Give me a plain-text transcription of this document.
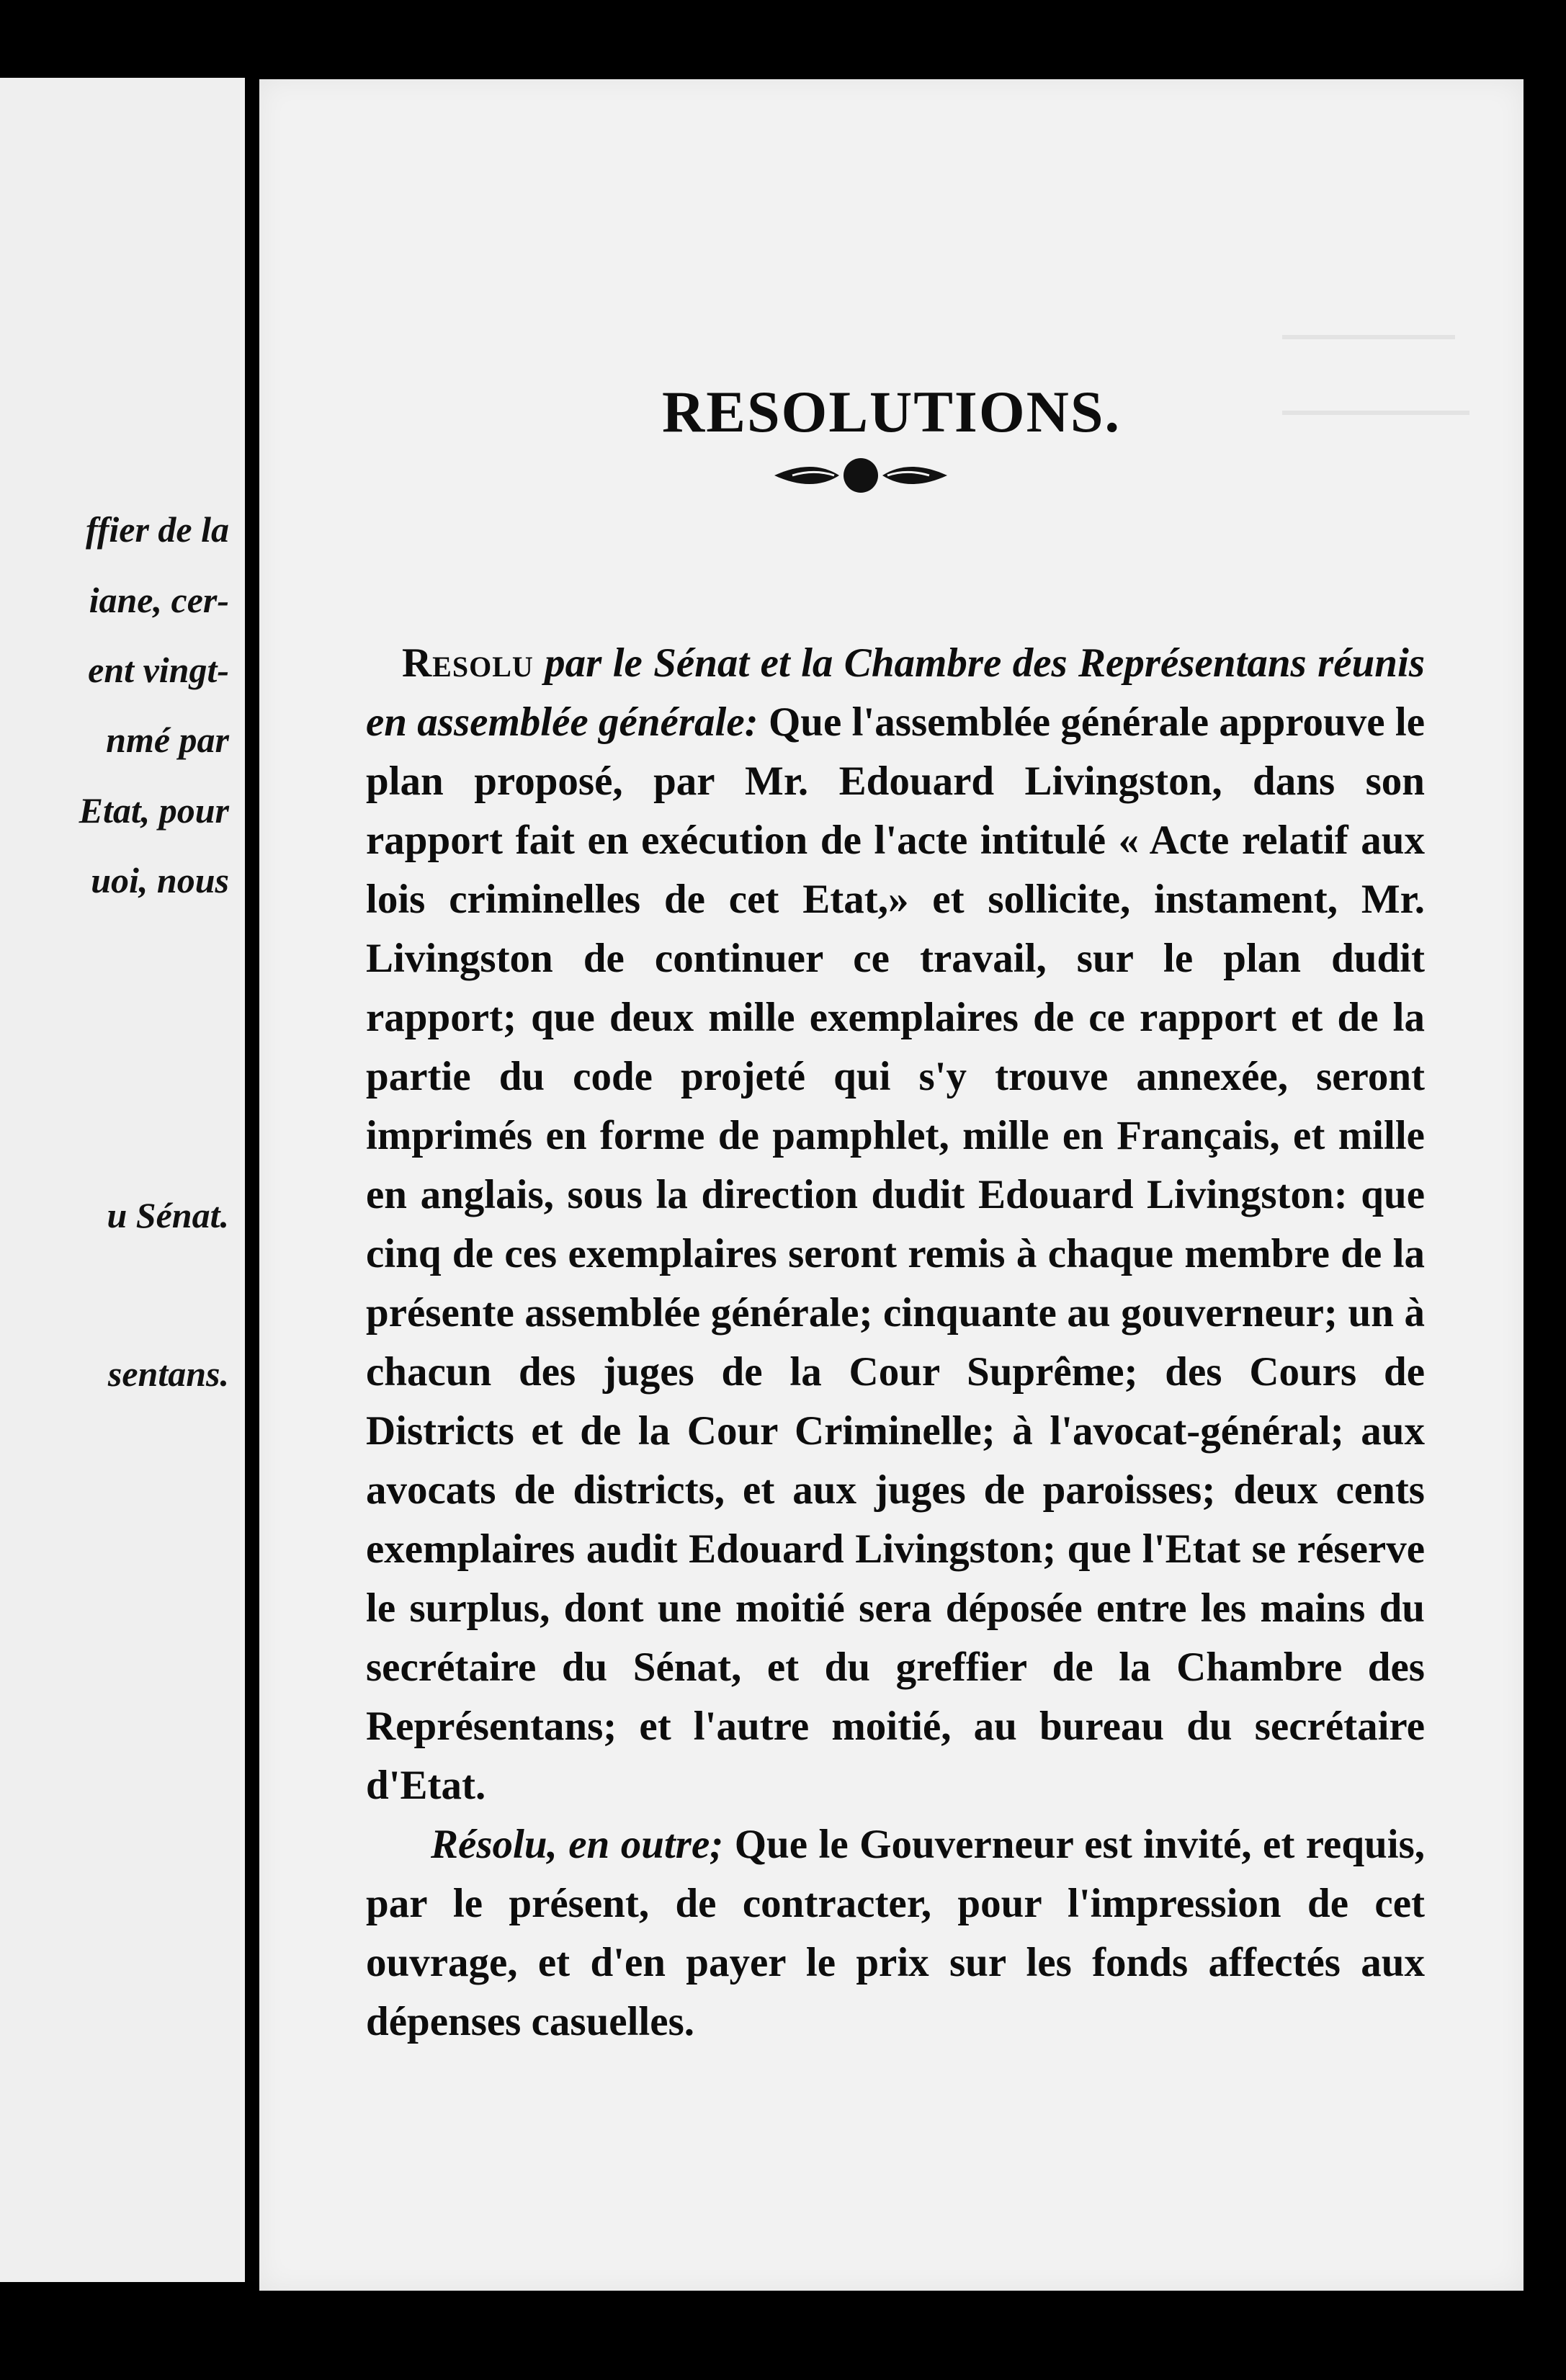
ffier de la
iane, cer-
ent vingt-
nmé par
Etat, pour
uoi, nous
u Sénat.
sentans.
RESOLUTIONS.

Resolu par le Sénat et la Chambre des Représentans réunis en assemblée générale: Que l'assemblée générale approuve le plan proposé, par Mr. Edouard Livingston, dans son rapport fait en exécution de l'acte intitulé « Acte relatif aux lois criminelles de cet Etat,» et sollicite, instament, Mr. Livingston de continuer ce travail, sur le plan dudit rapport; que deux mille exemplaires de ce rapport et de la partie du code projeté qui s'y trouve annexée, seront imprimés en forme de pamphlet, mille en Français, et mille en anglais, sous la direction dudit Edouard Livingston: que cinq de ces exemplaires seront remis à chaque membre de la présente assemblée générale; cinquante au gouverneur; un à chacun des juges de la Cour Suprême; des Cours de Districts et de la Cour Criminelle; à l'avocat-général; aux avocats de districts, et aux juges de paroisses; deux cents exemplaires audit Edouard Livingston; que l'Etat se réserve le surplus, dont une moitié sera déposée entre les mains du secrétaire du Sénat, et du greffier de la Chambre des Représentans; et l'autre moitié, au bureau du secrétaire d'Etat.

Résolu, en outre; Que le Gouverneur est invité, et requis, par le présent, de contracter, pour l'impression de cet ouvrage, et d'en payer le prix sur les fonds affectés aux dépenses casuelles.
